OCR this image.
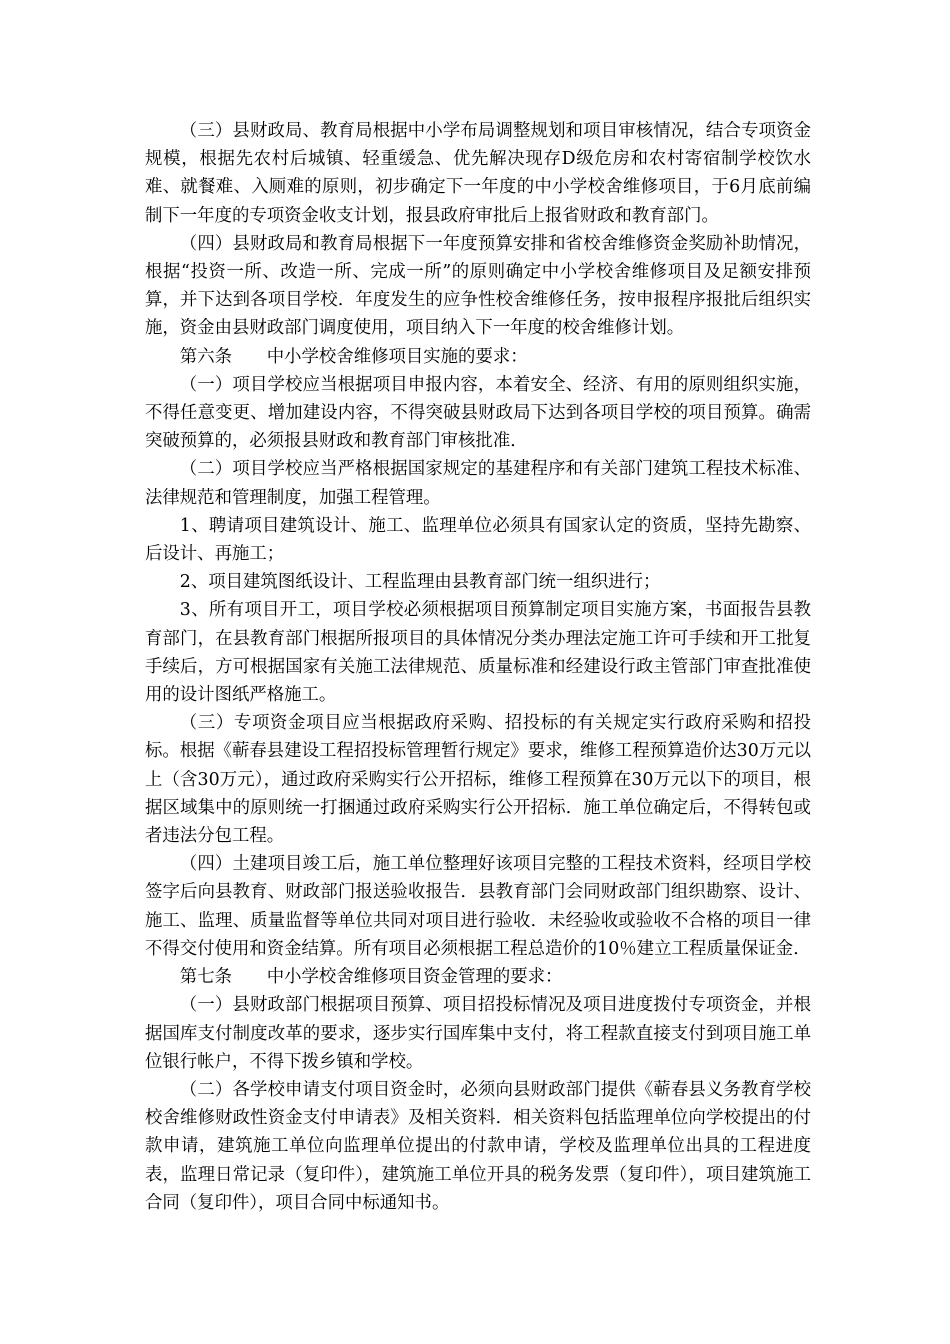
（三）县财政局、教育局根据中小学布局调整规划和项目审核情况，结合专项资金规模，根据先农村后城镇、轻重缓急、优先解决现存D级危房和农村寄宿制学校饮水难、就餐难、入厕难的原则，初步确定下一年度的中小学校舍维修项目，于6月底前编制下一年度的专项资金收支计划，报县政府审批后上报省财政和教育部门。

（四）县财政局和教育局根据下一年度预算安排和省校舍维修资金奖励补助情况，根据“投资一所、改造一所、完成一所”的原则确定中小学校舍维修项目及足额安排预算，并下达到各项目学校．年度发生的应争性校舍维修任务，按申报程序报批后组织实施，资金由县财政部门调度使用，项目纳入下一年度的校舍维修计划。

第六条　　中小学校舍维修项目实施的要求：

（一）项目学校应当根据项目申报内容，本着安全、经济、有用的原则组织实施，不得任意变更、增加建设内容，不得突破县财政局下达到各项目学校的项目预算。确需突破预算的，必须报县财政和教育部门审核批准．

（二）项目学校应当严格根据国家规定的基建程序和有关部门建筑工程技术标准、法律规范和管理制度，加强工程管理。

1、聘请项目建筑设计、施工、监理单位必须具有国家认定的资质，坚持先勘察、后设计、再施工；

2、项目建筑图纸设计、工程监理由县教育部门统一组织进行；

3、所有项目开工，项目学校必须根据项目预算制定项目实施方案，书面报告县教育部门，在县教育部门根据所报项目的具体情况分类办理法定施工许可手续和开工批复手续后，方可根据国家有关施工法律规范、质量标准和经建设行政主管部门审查批准使用的设计图纸严格施工。

（三）专项资金项目应当根据政府采购、招投标的有关规定实行政府采购和招投标。根据《蕲春县建设工程招投标管理暂行规定》要求，维修工程预算造价达30万元以上（含30万元），通过政府采购实行公开招标，维修工程预算在30万元以下的项目，根据区域集中的原则统一打捆通过政府采购实行公开招标．施工单位确定后，不得转包或者违法分包工程。

（四）土建项目竣工后，施工单位整理好该项目完整的工程技术资料，经项目学校签字后向县教育、财政部门报送验收报告．县教育部门会同财政部门组织勘察、设计、施工、监理、质量监督等单位共同对项目进行验收．未经验收或验收不合格的项目一律不得交付使用和资金结算。所有项目必须根据工程总造价的10％建立工程质量保证金．

第七条　　中小学校舍维修项目资金管理的要求：

（一）县财政部门根据项目预算、项目招投标情况及项目进度拨付专项资金，并根据国库支付制度改革的要求，逐步实行国库集中支付，将工程款直接支付到项目施工单位银行帐户，不得下拨乡镇和学校。

（二）各学校申请支付项目资金时，必须向县财政部门提供《蕲春县义务教育学校校舍维修财政性资金支付申请表》及相关资料．相关资料包括监理单位向学校提出的付款申请，建筑施工单位向监理单位提出的付款申请，学校及监理单位出具的工程进度表，监理日常记录（复印件），建筑施工单位开具的税务发票（复印件），项目建筑施工合同（复印件），项目合同中标通知书。
